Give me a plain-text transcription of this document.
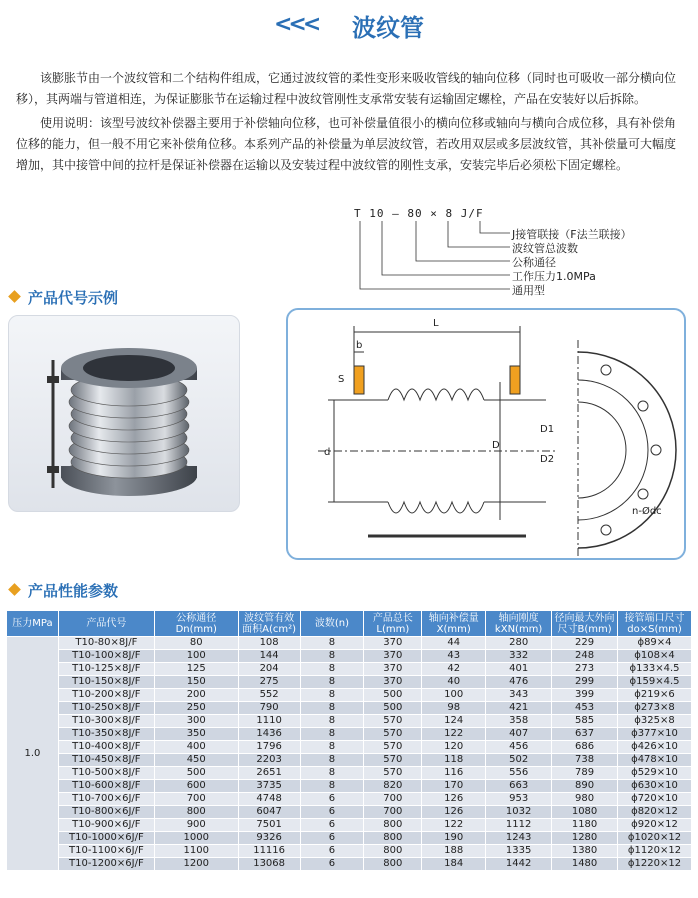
<<< 波纹管

该膨胀节由一个波纹管和二个结构件组成，它通过波纹管的柔性变形来吸收管线的轴向位移（同时也可吸收一部分横向位移），其两端与管道相连，为保证膨胀节在运输过程中波纹管刚性支承常安装有运输固定螺栓，产品在安装好以后拆除。

使用说明：该型号波纹补偿器主要用于补偿轴向位移，也可补偿量值很小的横向位移或轴向与横向合成位移，具有补偿角位移的能力，但一般不用它来补偿角位移。本系列产品的补偿量为单层波纹管，若改用双层或多层波纹管，其补偿量可大幅度增加，其中接管中间的拉杆是保证补偿器在运输以及安装过程中波纹管的刚性支承，安装完毕后必须松下固定螺栓。

T 10 – 80 × 8 J/F
J接管联接（F法兰联接）
波纹管总波数
公称通径
工作压力1.0MPa
通用型
产品代号示例
L
b
S
d
D
D1
D2
n-Ødc
产品性能参数
压力MPa	产品代号	公称通径Dn(mm)	波纹管有效面积A(cm²)	波数(n)	产品总长L(mm)	轴向补偿量X(mm)	轴向刚度kXN(mm)	径向最大外向尺寸B(mm)	接管端口尺寸do×S(mm)
1.0	T10-80×8J/F	80	108	8	370	44	280	229	ϕ89×4
	T10-100×8J/F	100	144	8	370	43	332	248	ϕ108×4
	T10-125×8J/F	125	204	8	370	42	401	273	ϕ133×4.5
	T10-150×8J/F	150	275	8	370	40	476	299	ϕ159×4.5
	T10-200×8J/F	200	552	8	500	100	343	399	ϕ219×6
	T10-250×8J/F	250	790	8	500	98	421	453	ϕ273×8
	T10-300×8J/F	300	1110	8	570	124	358	585	ϕ325×8
	T10-350×8J/F	350	1436	8	570	122	407	637	ϕ377×10
	T10-400×8J/F	400	1796	8	570	120	456	686	ϕ426×10
	T10-450×8J/F	450	2203	8	570	118	502	738	ϕ478×10
	T10-500×8J/F	500	2651	8	570	116	556	789	ϕ529×10
	T10-600×8J/F	600	3735	8	820	170	663	890	ϕ630×10
	T10-700×6J/F	700	4748	6	700	126	953	980	ϕ720×10
	T10-800×6J/F	800	6047	6	700	126	1032	1080	ϕ820×12
	T10-900×6J/F	900	7501	6	800	122	1112	1180	ϕ920×12
	T10-1000×6J/F	1000	9326	6	800	190	1243	1280	ϕ1020×12
	T10-1100×6J/F	1100	11116	6	800	188	1335	1380	ϕ1120×12
	T10-1200×6J/F	1200	13068	6	800	184	1442	1480	ϕ1220×12
